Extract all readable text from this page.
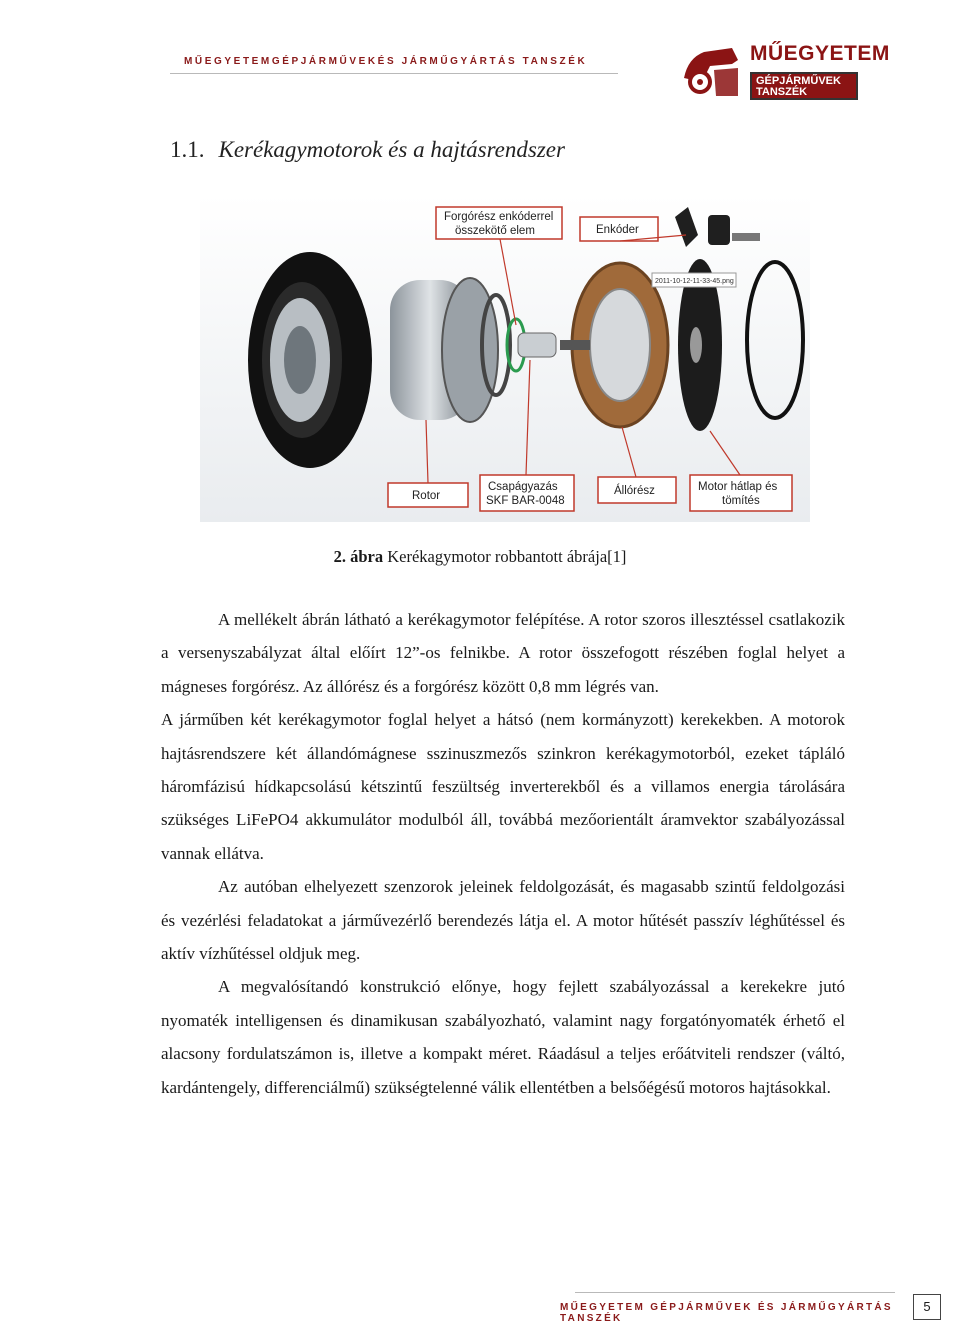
MŰEGYETEMGÉPJÁRMŰVEKÉS JÁRMŰGYÁRTÁS TANSZÉK	MŰEGYETEM
GÉPJÁRMŰVEK
TANSZÉK
1.1. Kerékagymotorok és a hajtásrendszer
Forgórész enkóderrel
összekötő elem	Enkóder
2011-10-12-11-33-45.png
Rotor
Csapágyazás
SKF BAR-0048
Állórész	Motor hátlap és
tömítés
2. ábra Kerékagymotor robbantott ábrája[1]

A mellékelt ábrán látható a kerékagymotor felépítése. A rotor szoros illesztéssel csatlakozik a versenyszabályzat által előírt 12”-os felnikbe. A rotor összefogott részében foglal helyet a mágneses forgórész. Az állórész és a forgórész között 0,8 mm légrés van.

A járműben két kerékagymotor foglal helyet a hátsó (nem kormányzott) kerekekben. A motorok hajtásrendszere két állandómágnese sszinuszmezős szinkron kerékagymotorból, ezeket tápláló háromfázisú hídkapcsolású kétszintű feszültség inverterekből és a villamos energia tárolására szükséges LiFePO4 akkumulátor modulból áll, továbbá mezőorientált áramvektor szabályozással vannak ellátva.

Az autóban elhelyezett szenzorok jeleinek feldolgozását, és magasabb szintű feldolgozási és vezérlési feladatokat a járművezérlő berendezés látja el. A motor hűtését passzív léghűtéssel és aktív vízhűtéssel oldjuk meg.

A megvalósítandó konstrukció előnye, hogy fejlett szabályozással a kerekekre jutó nyomaték intelligensen és dinamikusan szabályozható, valamint nagy forgatónyomaték érhető el alacsony fordulatszámon is, illetve a kompakt méret. Ráadásul a teljes erőátviteli rendszer (váltó, kardántengely, differenciálmű) szükségtelenné válik ellentétben a belsőégésű motoros hajtásokkal.

MŰEGYETEM GÉPJÁRMŰVEK ÉS JÁRMŰGYÁRTÁS TANSZÉK
5
